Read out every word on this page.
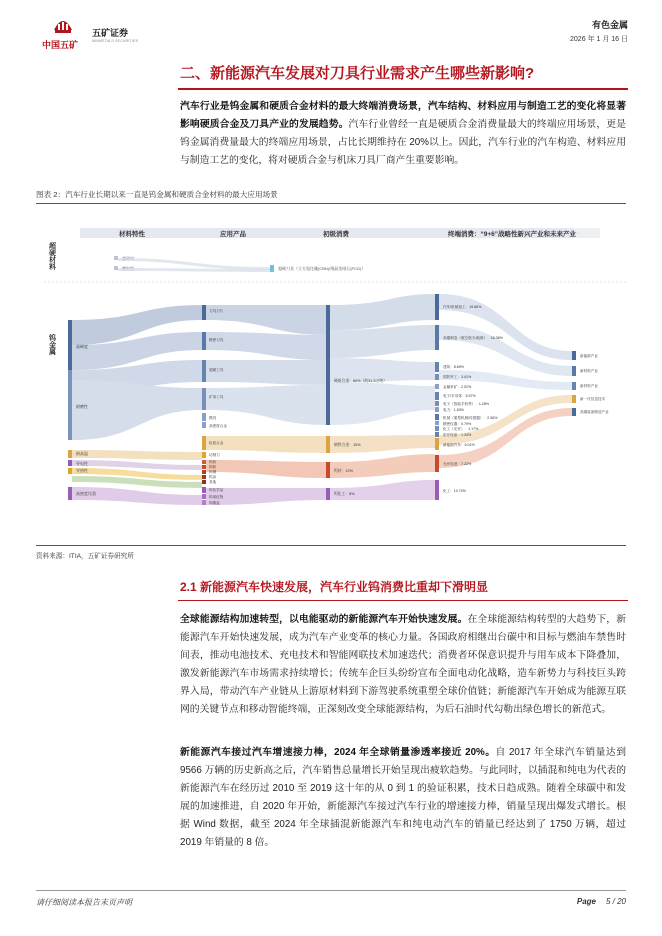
中国五矿
五矿证券
MINMETALS SECURITIES
有色金属
2026 年 1 月 16 日
二、新能源汽车发展对刀具行业需求产生哪些新影响?
汽车行业是钨金属和硬质合金材料的最大终端消费场景，汽车结构、材料应用与制造工艺的变化将显著影响硬质合金及刀具产业的发展趋势。汽车行业曾经一直是硬质合金消费量最大的终端应用场景，更是钨金属消费量最大的终端应用场景，占比长期维持在 20%以上。因此，汽车行业的汽车构造、材料应用与制造工艺的变化，将对硬质合金与机床刀具厂商产生重要影响。
图表 2：汽车行业长期以来一直是钨金属和硬质合金材料的最大应用场景
材料特性	应用产品	初级消费	终端消费：“9+6”战略性新兴产业和未来产业
超硬材料
钨金属
超硬刀具（立方氮化硼(CBN)/聚晶金刚石(PCD)）
高硬度
耐磨性
耐高温
导电性
导热性
高密度比重
刀具刀片
精密刀具
超硬工具
矿用工具
模具
高密度合金
轻质合金
切削刀
钨丝
钨粉
钨钢
钨条
其他
钨化学品
钨氧化物
钨酸盐
硬质合金：60%（约31.5万吨）
钢铁合金：15%
钨材：12%
钨化工：8%
汽车/机械加工：19.66%
高端制造（航空航天/能源）：16.36%
建筑：8.69%
国防军工：3.41%
金属采矿：2.02%
电子/半导体：5.97%
电子（智能手机等）：1.28%
电力：1.63%
机械（重型机械/传感器）：2.36%
精密仪器：0.79%
化工（光伏）：1.17%
医疗设备：1.34%
新能源汽车：9.01%
光伏电池：7.22%
化工：10.70%
新能源产业
新材料产业
新材料产业
新一代信息技术
高端装备制造产业
资料来源：ITIA，五矿证券研究所
2.1 新能源汽车快速发展，汽车行业钨消费比重却下滑明显
全球能源结构加速转型，以电能驱动的新能源汽车开始快速发展。在全球能源结构转型的大趋势下，新能源汽车开始快速发展，成为汽车产业变革的核心力量。各国政府相继出台碳中和目标与燃油车禁售时间表，推动电池技术、充电技术和智能网联技术加速迭代；消费者环保意识提升与用车成本下降叠加，激发新能源汽车市场需求持续增长；传统车企巨头纷纷宣布全面电动化战略，造车新势力与科技巨头跨界入局，带动汽车产业链从上游原材料到下游驾驶系统重塑全球价值链；新能源汽车开始成为能源互联网的关键节点和移动智能终端，正深刻改变全球能源结构，为后石油时代勾勒出绿色增长的新范式。
新能源汽车接过汽车增速接力棒，2024 年全球销量渗透率接近 20%。自 2017 年全球汽车销量达到 9566 万辆的历史新高之后，汽车销售总量增长开始呈现出疲软趋势。与此同时，以插混和纯电为代表的新能源汽车在经历过 2010 至 2019 这十年的从 0 到 1 的验证积累，技术日趋成熟。随着全球碳中和发展的加速推进，自 2020 年开始，新能源汽车接过汽车行业的增速接力棒，销量呈现出爆发式增长。根据 Wind 数据，截至 2024 年全球插混新能源汽车和纯电动汽车的销量已经达到了 1750 万辆，超过 2019 年销量的 8 倍。
请仔细阅读本报告末页声明	Page 5 / 20
